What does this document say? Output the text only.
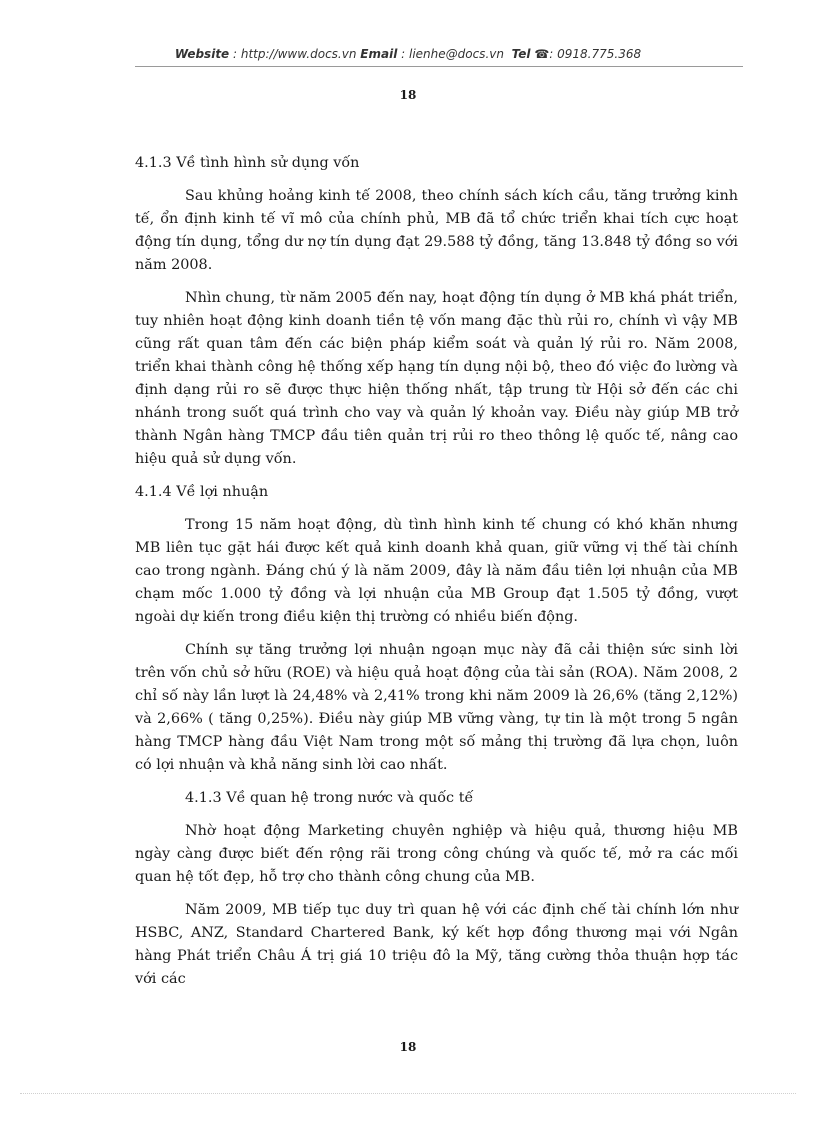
Website : http://www.docs.vn Email : lienhe@docs.vn Tel ☎: 0918.775.368
18
4.1.3 Về tình hình sử dụng vốn

Sau khủng hoảng kinh tế 2008, theo chính sách kích cầu, tăng trưởng kinh tế, ổn định kinh tế vĩ mô của chính phủ, MB đã tổ chức triển khai tích cực hoạt động tín dụng, tổng dư nợ tín dụng đạt 29.588 tỷ đồng, tăng 13.848 tỷ đồng so với năm 2008.

Nhìn chung, từ năm 2005 đến nay, hoạt động tín dụng ở MB khá phát triển, tuy nhiên hoạt động kinh doanh tiền tệ vốn mang đặc thù rủi ro, chính vì vậy MB cũng rất quan tâm đến các biện pháp kiểm soát và quản lý rủi ro. Năm 2008, triển khai thành công hệ thống xếp hạng tín dụng nội bộ, theo đó việc đo lường và định dạng rủi ro sẽ được thực hiện thống nhất, tập trung từ Hội sở đến các chi nhánh trong suốt quá trình cho vay và quản lý khoản vay. Điều này giúp MB trở thành Ngân hàng TMCP đầu tiên quản trị rủi ro theo thông lệ quốc tế, nâng cao hiệu quả sử dụng vốn.

4.1.4 Về lợi nhuận

Trong 15 năm hoạt động, dù tình hình kinh tế chung có khó khăn nhưng MB liên tục gặt hái được kết quả kinh doanh khả quan, giữ vững vị thế tài chính cao trong ngành. Đáng chú ý là năm 2009, đây là năm đầu tiên lợi nhuận của MB chạm mốc 1.000 tỷ đồng và lợi nhuận của MB Group đạt 1.505 tỷ đồng, vượt ngoài dự kiến trong điều kiện thị trường có nhiều biến động.

Chính sự tăng trưởng lợi nhuận ngoạn mục này đã cải thiện sức sinh lời trên vốn chủ sở hữu (ROE) và hiệu quả hoạt động của tài sản (ROA). Năm 2008, 2 chỉ số này lần lượt là 24,48% và 2,41% trong khi năm 2009 là 26,6% (tăng 2,12%) và 2,66% ( tăng 0,25%). Điều này giúp MB vững vàng, tự tin là một trong 5 ngân hàng TMCP hàng đầu Việt Nam trong một số mảng thị trường đã lựa chọn, luôn có lợi nhuận và khả năng sinh lời cao nhất.

4.1.3 Về quan hệ trong nước và quốc tế

Nhờ hoạt động Marketing chuyên nghiệp và hiệu quả, thương hiệu MB ngày càng được biết đến rộng rãi trong công chúng và quốc tế, mở ra các mối quan hệ tốt đẹp, hỗ trợ cho thành công chung của MB.

Năm 2009, MB tiếp tục duy trì quan hệ với các định chế tài chính lớn như HSBC, ANZ, Standard Chartered Bank, ký kết hợp đồng thương mại với Ngân hàng Phát triển Châu Á trị giá 10 triệu đô la Mỹ, tăng cường thỏa thuận hợp tác với các

18
